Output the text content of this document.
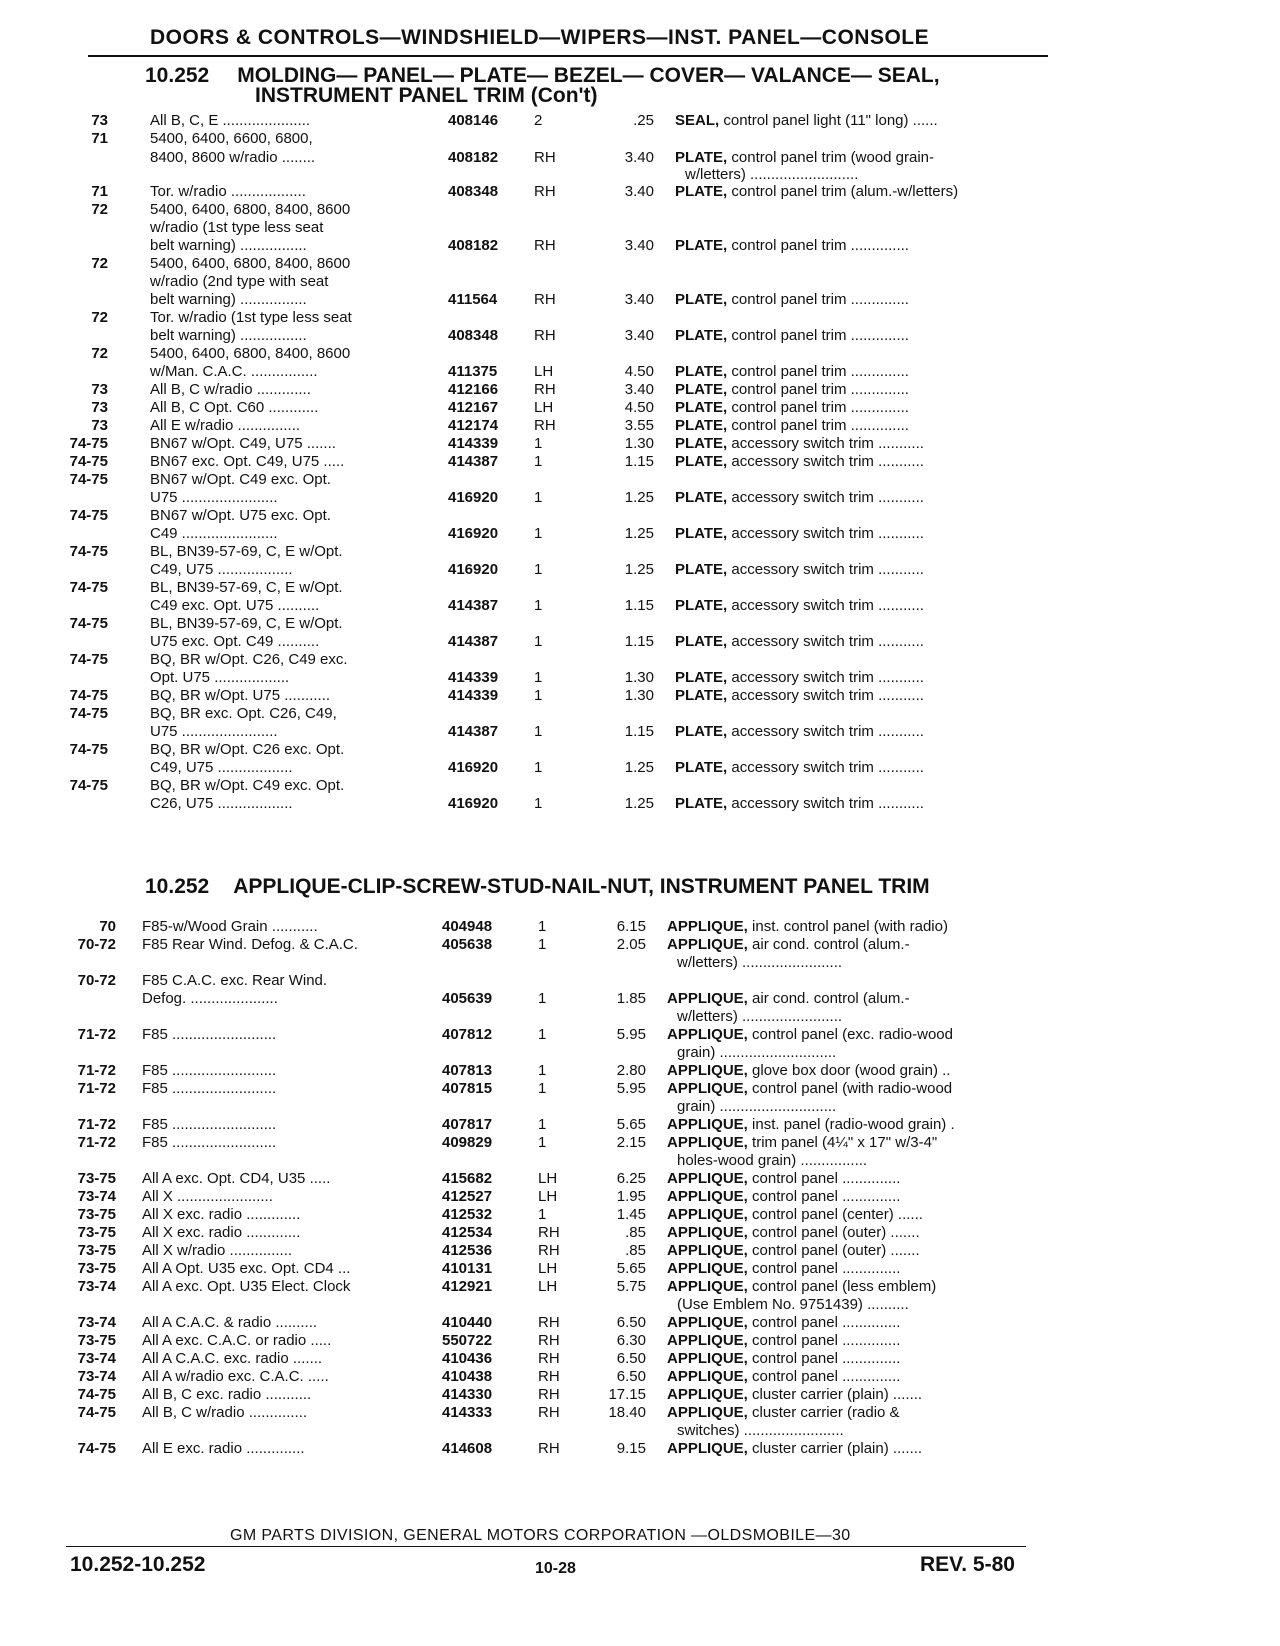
DOORS & CONTROLS—WINDSHIELD—WIPERS—INST. PANEL—CONSOLE
10.252 MOLDING— PANEL— PLATE— BEZEL— COVER— VALANCE— SEAL,
INSTRUMENT PANEL TRIM (Con't)
73	All B, C, E .....................	408146 2	.25 SEAL, control panel light (11" long) ......
71	5400, 6400, 6600, 6800,
8400, 8600 w/radio ........	408182 RH	3.40 PLATE, control panel trim (wood grain-
w/letters) ..........................
71	Tor. w/radio ..................	408348 RH	3.40 PLATE, control panel trim (alum.-w/letters)
72	5400, 6400, 6800, 8400, 8600
w/radio (1st type less seat
belt warning) ................	408182 RH	3.40 PLATE, control panel trim ..............
72	5400, 6400, 6800, 8400, 8600
w/radio (2nd type with seat
belt warning) ................	411564 RH	3.40 PLATE, control panel trim ..............
72	Tor. w/radio (1st type less seat
belt warning) ................	408348 RH	3.40 PLATE, control panel trim ..............
72	5400, 6400, 6800, 8400, 8600
w/Man. C.A.C. ................	411375 LH	4.50 PLATE, control panel trim ..............
73	All B, C w/radio .............	412166 RH	3.40 PLATE, control panel trim ..............
73	All B, C Opt. C60 ............	412167 LH	4.50 PLATE, control panel trim ..............
73	All E w/radio ...............	412174 RH	3.55 PLATE, control panel trim ..............
74-75	BN67 w/Opt. C49, U75 .......	414339 1	1.30 PLATE, accessory switch trim ...........
74-75	BN67 exc. Opt. C49, U75 .....	414387 1	1.15 PLATE, accessory switch trim ...........
74-75	BN67 w/Opt. C49 exc. Opt.
U75 .......................	416920 1	1.25 PLATE, accessory switch trim ...........
74-75	BN67 w/Opt. U75 exc. Opt.
C49 .......................	416920 1	1.25 PLATE, accessory switch trim ...........
74-75	BL, BN39-57-69, C, E w/Opt.
C49, U75 ..................	416920 1	1.25 PLATE, accessory switch trim ...........
74-75	BL, BN39-57-69, C, E w/Opt.
C49 exc. Opt. U75 ..........	414387 1	1.15 PLATE, accessory switch trim ...........
74-75	BL, BN39-57-69, C, E w/Opt.
U75 exc. Opt. C49 ..........	414387 1	1.15 PLATE, accessory switch trim ...........
74-75	BQ, BR w/Opt. C26, C49 exc.
Opt. U75 ..................	414339 1	1.30 PLATE, accessory switch trim ...........
74-75	BQ, BR w/Opt. U75 ...........	414339 1	1.30 PLATE, accessory switch trim ...........
74-75	BQ, BR exc. Opt. C26, C49,
U75 .......................	414387 1	1.15 PLATE, accessory switch trim ...........
74-75	BQ, BR w/Opt. C26 exc. Opt.
C49, U75 ..................	416920 1	1.25 PLATE, accessory switch trim ...........
74-75	BQ, BR w/Opt. C49 exc. Opt.
C26, U75 ..................	416920 1	1.25 PLATE, accessory switch trim ...........
10.252 APPLIQUE-CLIP-SCREW-STUD-NAIL-NUT, INSTRUMENT PANEL TRIM
70 F85-w/Wood Grain ...........	404948	1	6.15 APPLIQUE, inst. control panel (with radio)
70-72 F85 Rear Wind. Defog. & C.A.C.	405638	1	2.05 APPLIQUE, air cond. control (alum.-
w/letters) ........................
70-72 F85 C.A.C. exc. Rear Wind.
Defog. .....................	405639	1	1.85 APPLIQUE, air cond. control (alum.-
w/letters) ........................
71-72 F85 .........................	407812	1	5.95 APPLIQUE, control panel (exc. radio-wood
grain) ............................
71-72 F85 .........................	407813	1	2.80 APPLIQUE, glove box door (wood grain) ..
71-72 F85 .........................	407815	1	5.95 APPLIQUE, control panel (with radio-wood
grain) ............................
71-72 F85 .........................	407817	1	5.65 APPLIQUE, inst. panel (radio-wood grain) .
71-72 F85 .........................	409829	1	2.15 APPLIQUE, trim panel (4¼" x 17" w/3-4"
holes-wood grain) ................
73-75 All A exc. Opt. CD4, U35 .....	415682	LH	6.25 APPLIQUE, control panel ..............
73-74 All X .......................	412527	LH	1.95 APPLIQUE, control panel ..............
73-75 All X exc. radio .............	412532	1	1.45 APPLIQUE, control panel (center) ......
73-75 All X exc. radio .............	412534	RH	.85 APPLIQUE, control panel (outer) .......
73-75 All X w/radio ...............	412536	RH	.85 APPLIQUE, control panel (outer) .......
73-75 All A Opt. U35 exc. Opt. CD4 ...	410131	LH	5.65 APPLIQUE, control panel ..............
73-74 All A exc. Opt. U35 Elect. Clock	412921	LH	5.75 APPLIQUE, control panel (less emblem)
(Use Emblem No. 9751439) ..........
73-74 All A C.A.C. & radio ..........	410440	RH	6.50 APPLIQUE, control panel ..............
73-75 All A exc. C.A.C. or radio .....	550722	RH	6.30 APPLIQUE, control panel ..............
73-74 All A C.A.C. exc. radio .......	410436	RH	6.50 APPLIQUE, control panel ..............
73-74 All A w/radio exc. C.A.C. .....	410438	RH	6.50 APPLIQUE, control panel ..............
74-75 All B, C exc. radio ...........	414330	RH	17.15 APPLIQUE, cluster carrier (plain) .......
74-75 All B, C w/radio ..............	414333	RH	18.40 APPLIQUE, cluster carrier (radio &
switches) ........................
74-75 All E exc. radio ..............	414608	RH	9.15 APPLIQUE, cluster carrier (plain) .......
GM PARTS DIVISION, GENERAL MOTORS CORPORATION —OLDSMOBILE—30
10.252-10.252	10-28	REV. 5-80
